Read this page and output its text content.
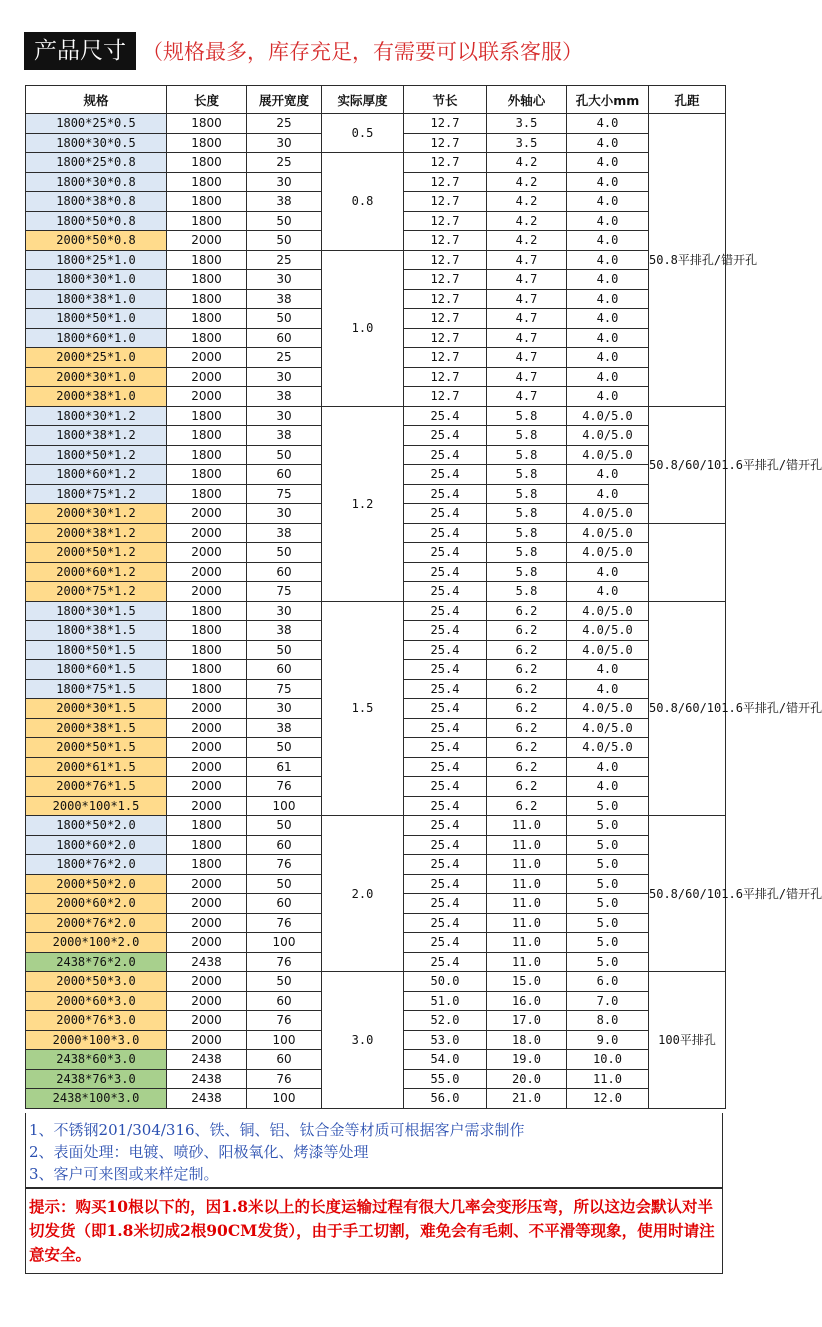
产品尺寸 （规格最多，库存充足，有需要可以联系客服）
规格	长度	展开宽度	实际厚度	节长	外轴心	孔大小mm	孔距
1800*25*0.5	1800	25	0.5	12.7	3.5	4.0	50.8平排孔/错开孔
1800*30*0.5	1800	30		12.7	3.5	4.0	
1800*25*0.8	1800	25	0.8	12.7	4.2	4.0	
1800*30*0.8	1800	30		12.7	4.2	4.0	
1800*38*0.8	1800	38		12.7	4.2	4.0	
1800*50*0.8	1800	50		12.7	4.2	4.0	
2000*50*0.8	2000	50		12.7	4.2	4.0	
1800*25*1.0	1800	25	1.0	12.7	4.7	4.0	
1800*30*1.0	1800	30		12.7	4.7	4.0	
1800*38*1.0	1800	38		12.7	4.7	4.0	
1800*50*1.0	1800	50		12.7	4.7	4.0	
1800*60*1.0	1800	60		12.7	4.7	4.0	
2000*25*1.0	2000	25		12.7	4.7	4.0	
2000*30*1.0	2000	30		12.7	4.7	4.0	
2000*38*1.0	2000	38		12.7	4.7	4.0	
1800*30*1.2	1800	30	1.2	25.4	5.8	4.0/5.0	50.8/60/101.6平排孔/错开孔
1800*38*1.2	1800	38		25.4	5.8	4.0/5.0	
1800*50*1.2	1800	50		25.4	5.8	4.0/5.0	
1800*60*1.2	1800	60		25.4	5.8	4.0	
1800*75*1.2	1800	75		25.4	5.8	4.0	
2000*30*1.2	2000	30		25.4	5.8	4.0/5.0	
2000*38*1.2	2000	38		25.4	5.8	4.0/5.0	
2000*50*1.2	2000	50		25.4	5.8	4.0/5.0	
2000*60*1.2	2000	60		25.4	5.8	4.0	
2000*75*1.2	2000	75		25.4	5.8	4.0	
1800*30*1.5	1800	30	1.5	25.4	6.2	4.0/5.0	50.8/60/101.6平排孔/错开孔
1800*38*1.5	1800	38		25.4	6.2	4.0/5.0	
1800*50*1.5	1800	50		25.4	6.2	4.0/5.0	
1800*60*1.5	1800	60		25.4	6.2	4.0	
1800*75*1.5	1800	75		25.4	6.2	4.0	
2000*30*1.5	2000	30		25.4	6.2	4.0/5.0	
2000*38*1.5	2000	38		25.4	6.2	4.0/5.0	
2000*50*1.5	2000	50		25.4	6.2	4.0/5.0	
2000*61*1.5	2000	61		25.4	6.2	4.0	
2000*76*1.5	2000	76		25.4	6.2	4.0	
2000*100*1.5	2000	100		25.4	6.2	5.0	
1800*50*2.0	1800	50	2.0	25.4	11.0	5.0	50.8/60/101.6平排孔/错开孔
1800*60*2.0	1800	60		25.4	11.0	5.0	
1800*76*2.0	1800	76		25.4	11.0	5.0	
2000*50*2.0	2000	50		25.4	11.0	5.0	
2000*60*2.0	2000	60		25.4	11.0	5.0	
2000*76*2.0	2000	76		25.4	11.0	5.0	
2000*100*2.0	2000	100		25.4	11.0	5.0	
2438*76*2.0	2438	76		25.4	11.0	5.0	
2000*50*3.0	2000	50	3.0	50.0	15.0	6.0	100平排孔
2000*60*3.0	2000	60		51.0	16.0	7.0	
2000*76*3.0	2000	76		52.0	17.0	8.0	
2000*100*3.0	2000	100		53.0	18.0	9.0	
2438*60*3.0	2438	60		54.0	19.0	10.0	
2438*76*3.0	2438	76		55.0	20.0	11.0	
2438*100*3.0	2438	100		56.0	21.0	12.0	
1、不锈钢201/304/316、铁、铜、铝、钛合金等材质可根据客户需求制作
2、表面处理：电镀、喷砂、阳极氧化、烤漆等处理
3、客户可来图或来样定制。
提示：购买10根以下的，因1.8米以上的长度运输过程有很大几率会变形压弯，所以这边会默认对半切发货（即1.8米切成2根90CM发货），由于手工切割，难免会有毛刺、不平滑等现象，使用时请注意安全。
